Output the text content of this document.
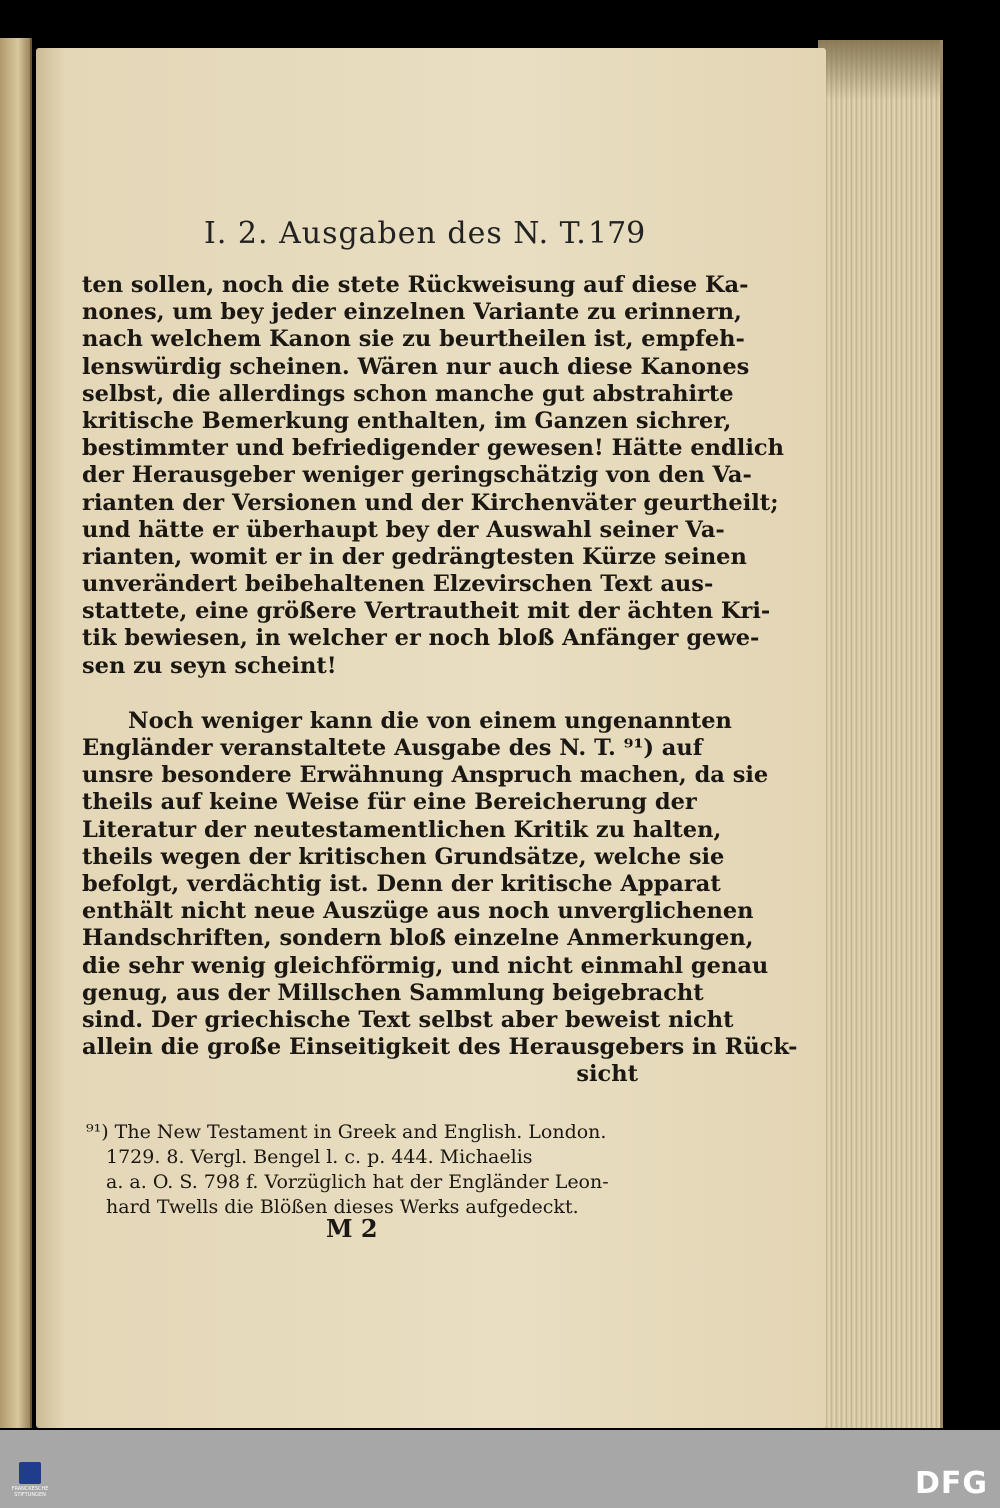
I. 2. Ausgaben des N. T. 179
ten sollen, noch die stete Rückweisung auf diese Ka-
nones, um bey jeder einzelnen Variante zu erinnern,
nach welchem Kanon sie zu beurtheilen ist, empfeh-
lenswürdig scheinen. Wären nur auch diese Kanones
selbst, die allerdings schon manche gut abstrahirte
kritische Bemerkung enthalten, im Ganzen sichrer,
bestimmter und befriedigender gewesen! Hätte endlich
der Herausgeber weniger geringschätzig von den Va-
rianten der Versionen und der Kirchenväter geurtheilt;
und hätte er überhaupt bey der Auswahl seiner Va-
rianten, womit er in der gedrängtesten Kürze seinen
unverändert beibehaltenen Elzevirschen Text aus-
stattete, eine größere Vertrautheit mit der ächten Kri-
tik bewiesen, in welcher er noch bloß Anfänger gewe-
sen zu seyn scheint!
Noch weniger kann die von einem ungenannten
Engländer veranstaltete Ausgabe des N. T. ⁹¹) auf
unsre besondere Erwähnung Anspruch machen, da sie
theils auf keine Weise für eine Bereicherung der
Literatur der neutestamentlichen Kritik zu halten,
theils wegen der kritischen Grundsätze, welche sie
befolgt, verdächtig ist. Denn der kritische Apparat
enthält nicht neue Auszüge aus noch unverglichenen
Handschriften, sondern bloß einzelne Anmerkungen,
die sehr wenig gleichförmig, und nicht einmahl genau
genug, aus der Millschen Sammlung beigebracht
sind. Der griechische Text selbst aber beweist nicht
allein die große Einseitigkeit des Herausgebers in Rück-
sicht
⁹¹) The New Testament in Greek and English. London.
1729. 8. Vergl. Bengel l. c. p. 444. Michaelis
a. a. O. S. 798 f. Vorzüglich hat der Engländer Leon-
hard Twells die Blößen dieses Werks aufgedeckt.
M 2
FRANCKESCHE STIFTUNGEN	DFG
